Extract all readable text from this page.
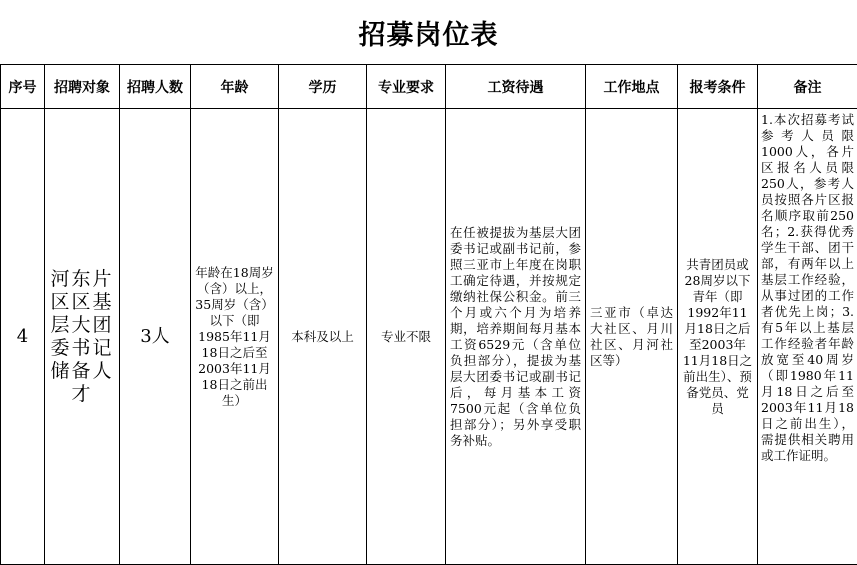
招募岗位表
序号	招聘对象	招聘人数	年龄	学历	专业要求	工资待遇	工作地点	报考条件	备注
4	河东片区区基层大团委书记储备人才	3人	年龄在18周岁（含）以上，35周岁（含）以下（即1985年11月18日之后至2003年11月18日之前出生）	本科及以上	专业不限	在任被提拔为基层大团委书记或副书记前，参照三亚市上年度在岗职工确定待遇，并按规定缴纳社保公积金。前三个月或六个月为培养期，培养期间每月基本工资6529元（含单位负担部分），提拔为基层大团委书记或副书记后，每月基本工资7500元起（含单位负担部分）；另外享受职务补贴。	三亚市（卓达大社区、月川社区、月河社区等）	共青团员或28周岁以下青年（即1992年11月18日之后至2003年11月18日之前出生）、预备党员、党员	1.本次招募考试参考人员限1000人，各片区报名人员限250人，参考人员按照各片区报名顺序取前250名；2.获得优秀学生干部、团干部，有两年以上基层工作经验，从事过团的工作者优先上岗；3.有5年以上基层工作经验者年龄放宽至40周岁（即1980年11月18日之后至2003年11月18日之前出生），需提供相关聘用或工作证明。
